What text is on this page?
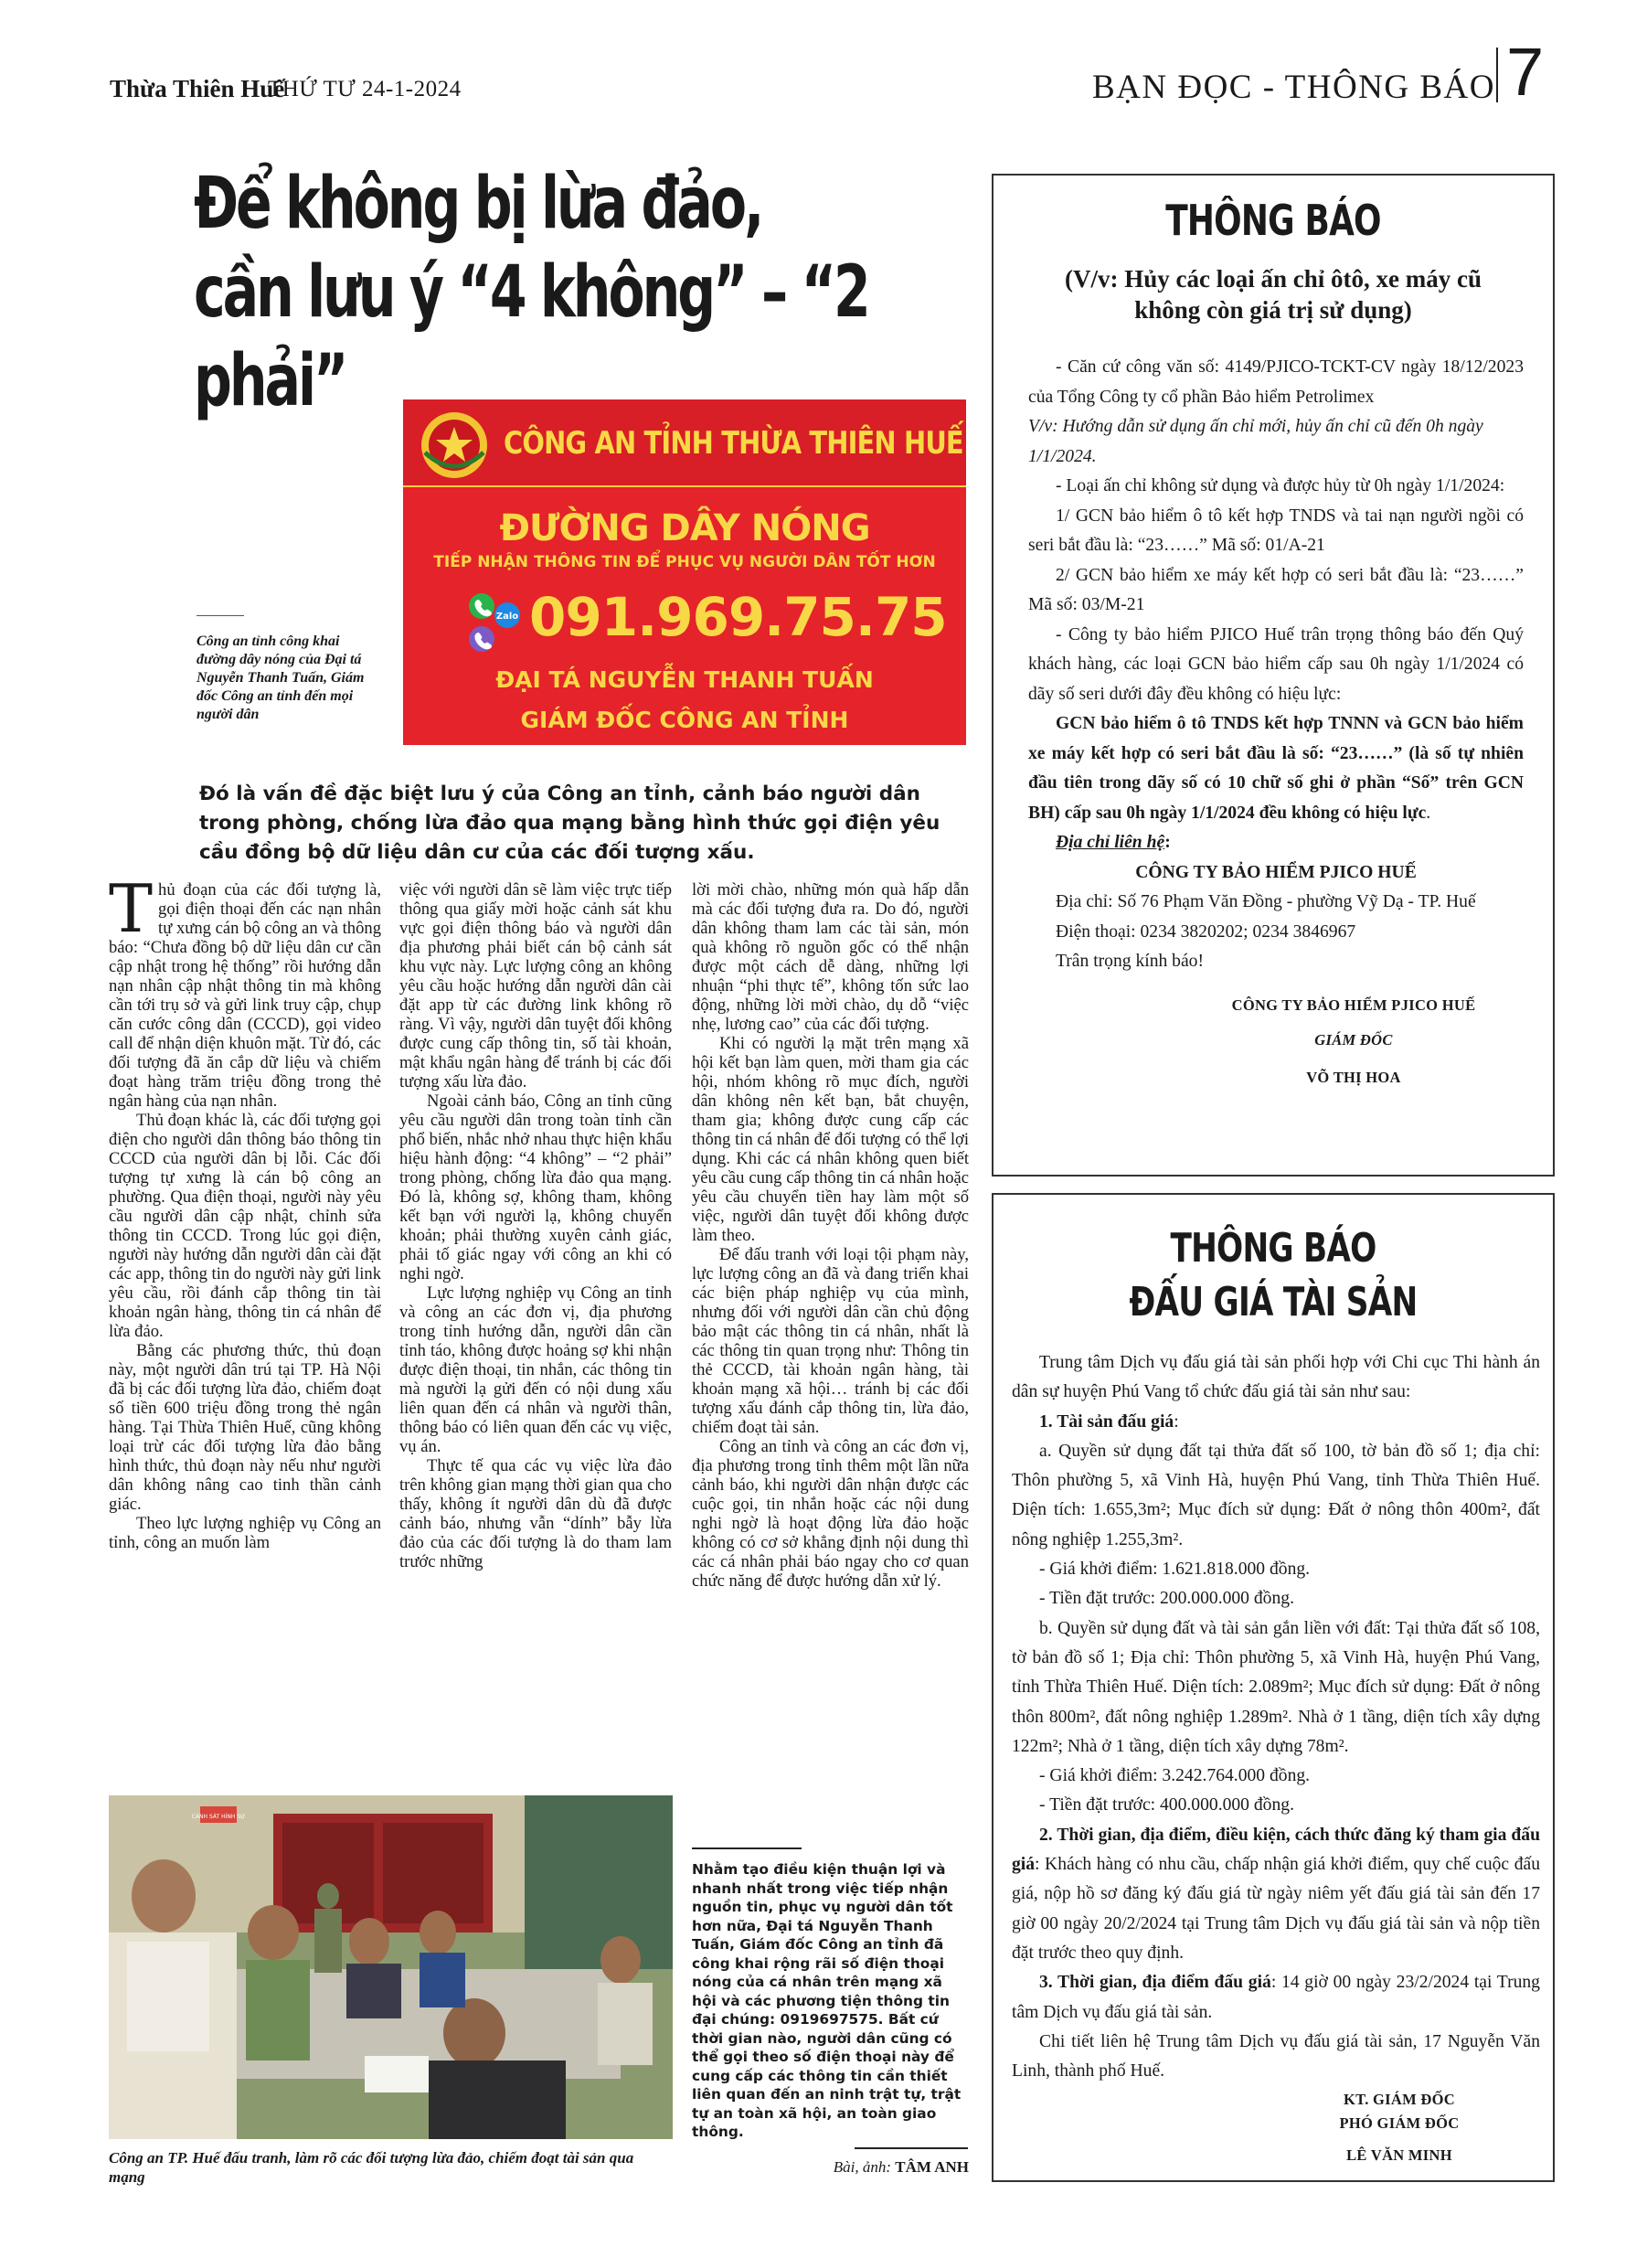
Thừa Thiên Huế
THỨ TƯ 24-1-2024	BẠN ĐỌC - THÔNG BÁO 7
Để không bị lừa đảo,
cần lưu ý “4 không” – “2 phải”
CÔNG AN TỈNH THỪA THIÊN HUẾ
ĐƯỜNG DÂY NÓNG
TIẾP NHẬN THÔNG TIN ĐỂ PHỤC VỤ NGƯỜI DÂN TỐT HƠN
Zalo 091.969.75.75
ĐẠI TÁ NGUYỄN THANH TUẤN
GIÁM ĐỐC CÔNG AN TỈNH
Công an tỉnh công khai đường dây nóng của Đại tá Nguyễn Thanh Tuấn, Giám đốc Công an tỉnh đến mọi người dân
Đó là vấn đề đặc biệt lưu ý của Công an tỉnh, cảnh báo người dân trong phòng, chống lừa đảo qua mạng bằng hình thức gọi điện yêu cầu đồng bộ dữ liệu dân cư của các đối tượng xấu.

Thủ đoạn của các đối tượng là, gọi điện thoại đến các nạn nhân tự xưng cán bộ công an và thông báo: “Chưa đồng bộ dữ liệu dân cư cần cập nhật trong hệ thống” rồi hướng dẫn nạn nhân cập nhật thông tin mà không cần tới trụ sở và gửi link truy cập, chụp căn cước công dân (CCCD), gọi video call để nhận diện khuôn mặt. Từ đó, các đối tượng đã ăn cắp dữ liệu và chiếm đoạt hàng trăm triệu đồng trong thẻ ngân hàng của nạn nhân.

Thủ đoạn khác là, các đối tượng gọi điện cho người dân thông báo thông tin CCCD của người dân bị lỗi. Các đối tượng tự xưng là cán bộ công an phường. Qua điện thoại, người này yêu cầu người dân cập nhật, chỉnh sửa thông tin CCCD. Trong lúc gọi điện, người này hướng dẫn người dân cài đặt các app, thông tin do người này gửi link yêu cầu, rồi đánh cắp thông tin tài khoản ngân hàng, thông tin cá nhân để lừa đảo.

Bằng các phương thức, thủ đoạn này, một người dân trú tại TP. Hà Nội đã bị các đối tượng lừa đảo, chiếm đoạt số tiền 600 triệu đồng trong thẻ ngân hàng. Tại Thừa Thiên Huế, cũng không loại trừ các đối tượng lừa đảo bằng hình thức, thủ đoạn này nếu như người dân không nâng cao tinh thần cảnh giác.

Theo lực lượng nghiệp vụ Công an tỉnh, công an muốn làm

việc với người dân sẽ làm việc trực tiếp thông qua giấy mời hoặc cảnh sát khu vực gọi điện thông báo và người dân địa phương phải biết cán bộ cảnh sát khu vực này. Lực lượng công an không yêu cầu hoặc hướng dẫn người dân cài đặt app từ các đường link không rõ ràng. Vì vậy, người dân tuyệt đối không được cung cấp thông tin, số tài khoản, mật khẩu ngân hàng để tránh bị các đối tượng xấu lừa đảo.

Ngoài cảnh báo, Công an tỉnh cũng yêu cầu người dân trong toàn tỉnh cần phổ biến, nhắc nhở nhau thực hiện khẩu hiệu hành động: “4 không” – “2 phải” trong phòng, chống lừa đảo qua mạng. Đó là, không sợ, không tham, không kết bạn với người lạ, không chuyển khoản; phải thường xuyên cảnh giác, phải tố giác ngay với công an khi có nghi ngờ.

Lực lượng nghiệp vụ Công an tỉnh và công an các đơn vị, địa phương trong tỉnh hướng dẫn, người dân cần tỉnh táo, không được hoảng sợ khi nhận được điện thoại, tin nhắn, các thông tin mà người lạ gửi đến có nội dung xấu liên quan đến cá nhân và người thân, thông báo có liên quan đến các vụ việc, vụ án.

Thực tế qua các vụ việc lừa đảo trên không gian mạng thời gian qua cho thấy, không ít người dân dù đã được cảnh báo, nhưng vẫn “dính” bẫy lừa đảo của các đối tượng là do tham lam trước những

lời mời chào, những món quà hấp dẫn mà các đối tượng đưa ra. Do đó, người dân không tham lam các tài sản, món quà không rõ nguồn gốc có thể nhận được một cách dễ dàng, những lợi nhuận “phi thực tế”, không tốn sức lao động, những lời mời chào, dụ dỗ “việc nhẹ, lương cao” của các đối tượng.

Khi có người lạ mặt trên mạng xã hội kết bạn làm quen, mời tham gia các hội, nhóm không rõ mục đích, người dân không nên kết bạn, bắt chuyện, tham gia; không được cung cấp các thông tin cá nhân để đối tượng có thể lợi dụng. Khi các cá nhân không quen biết yêu cầu cung cấp thông tin cá nhân hoặc yêu cầu chuyển tiền hay làm một số việc, người dân tuyệt đối không được làm theo.

Để đấu tranh với loại tội phạm này, lực lượng công an đã và đang triển khai các biện pháp nghiệp vụ của mình, nhưng đối với người dân cần chủ động bảo mật các thông tin cá nhân, nhất là các thông tin quan trọng như: Thông tin thẻ CCCD, tài khoản ngân hàng, tài khoản mạng xã hội… tránh bị các đối tượng xấu đánh cắp thông tin, lừa đảo, chiếm đoạt tài sản.

Công an tỉnh và công an các đơn vị, địa phương trong tỉnh thêm một lần nữa cảnh báo, khi người dân nhận được các cuộc gọi, tin nhắn hoặc các nội dung nghi ngờ là hoạt động lừa đảo hoặc không có cơ sở khẳng định nội dung thì các cá nhân phải báo ngay cho cơ quan chức năng để được hướng dẫn xử lý.

Nhằm tạo điều kiện thuận lợi và nhanh nhất trong việc tiếp nhận nguồn tin, phục vụ người dân tốt hơn nữa, Đại tá Nguyễn Thanh Tuấn, Giám đốc Công an tỉnh đã công khai rộng rãi số điện thoại nóng của cá nhân trên mạng xã hội và các phương tiện thông tin đại chúng: 0919697575. Bất cứ thời gian nào, người dân cũng có thể gọi theo số điện thoại này để cung cấp các thông tin cần thiết liên quan đến an ninh trật tự, trật tự an toàn xã hội, an toàn giao thông.
Bài, ảnh: TÂM ANH
CÁNH SÁT HÌNH SỰ
Công an TP. Huế đấu tranh, làm rõ các đối tượng lừa đảo, chiếm đoạt tài sản qua mạng
THÔNG BÁO
(V/v: Hủy các loại ấn chỉ ôtô, xe máy cũ không còn giá trị sử dụng)

- Căn cứ công văn số: 4149/PJICO-TCKT-CV ngày 18/12/2023 của Tổng Công ty cổ phần Bảo hiểm Petrolimex

V/v: Hướng dẫn sử dụng ấn chỉ mới, hủy ấn chỉ cũ đến 0h ngày 1/1/2024.

- Loại ấn chỉ không sử dụng và được hủy từ 0h ngày 1/1/2024:

1/ GCN bảo hiểm ô tô kết hợp TNDS và tai nạn người ngồi có seri bắt đầu là: “23……” Mã số: 01/A-21

2/ GCN bảo hiểm xe máy kết hợp có seri bắt đầu là: “23……” Mã số: 03/M-21

- Công ty bảo hiểm PJICO Huế trân trọng thông báo đến Quý khách hàng, các loại GCN bảo hiểm cấp sau 0h ngày 1/1/2024 có dãy số seri dưới đây đều không có hiệu lực:

GCN bảo hiểm ô tô TNDS kết hợp TNNN và GCN bảo hiểm xe máy kết hợp có seri bắt đầu là số: “23……” (là số tự nhiên đầu tiên trong dãy số có 10 chữ số ghi ở phần “Số” trên GCN BH) cấp sau 0h ngày 1/1/2024 đều không có hiệu lực.

Địa chỉ liên hệ:

CÔNG TY BẢO HIỂM PJICO HUẾ

Địa chỉ: Số 76 Phạm Văn Đồng - phường Vỹ Dạ - TP. Huế

Điện thoại: 0234 3820202; 0234 3846967

Trân trọng kính báo!

CÔNG TY BẢO HIỂM PJICO HUẾ

GIÁM ĐỐC

VÕ THỊ HOA

THÔNG BÁO
ĐẤU GIÁ TÀI SẢN

Trung tâm Dịch vụ đấu giá tài sản phối hợp với Chi cục Thi hành án dân sự huyện Phú Vang tổ chức đấu giá tài sản như sau:

1. Tài sản đấu giá:

a. Quyền sử dụng đất tại thửa đất số 100, tờ bản đồ số 1; địa chỉ: Thôn phường 5, xã Vinh Hà, huyện Phú Vang, tỉnh Thừa Thiên Huế. Diện tích: 1.655,3m²; Mục đích sử dụng: Đất ở nông thôn 400m², đất nông nghiệp 1.255,3m².

- Giá khởi điểm: 1.621.818.000 đồng.

- Tiền đặt trước: 200.000.000 đồng.

b. Quyền sử dụng đất và tài sản gắn liền với đất: Tại thửa đất số 108, tờ bản đồ số 1; Địa chỉ: Thôn phường 5, xã Vinh Hà, huyện Phú Vang, tỉnh Thừa Thiên Huế. Diện tích: 2.089m²; Mục đích sử dụng: Đất ở nông thôn 800m², đất nông nghiệp 1.289m². Nhà ở 1 tầng, diện tích xây dựng 122m²; Nhà ở 1 tầng, diện tích xây dựng 78m².

- Giá khởi điểm: 3.242.764.000 đồng.

- Tiền đặt trước: 400.000.000 đồng.

2. Thời gian, địa điểm, điều kiện, cách thức đăng ký tham gia đấu giá: Khách hàng có nhu cầu, chấp nhận giá khởi điểm, quy chế cuộc đấu giá, nộp hồ sơ đăng ký đấu giá từ ngày niêm yết đấu giá tài sản đến 17 giờ 00 ngày 20/2/2024 tại Trung tâm Dịch vụ đấu giá tài sản và nộp tiền đặt trước theo quy định.

3. Thời gian, địa điểm đấu giá: 14 giờ 00 ngày 23/2/2024 tại Trung tâm Dịch vụ đấu giá tài sản.

Chi tiết liên hệ Trung tâm Dịch vụ đấu giá tài sản, 17 Nguyễn Văn Linh, thành phố Huế.

KT. GIÁM ĐỐC

PHÓ GIÁM ĐỐC

LÊ VĂN MINH
